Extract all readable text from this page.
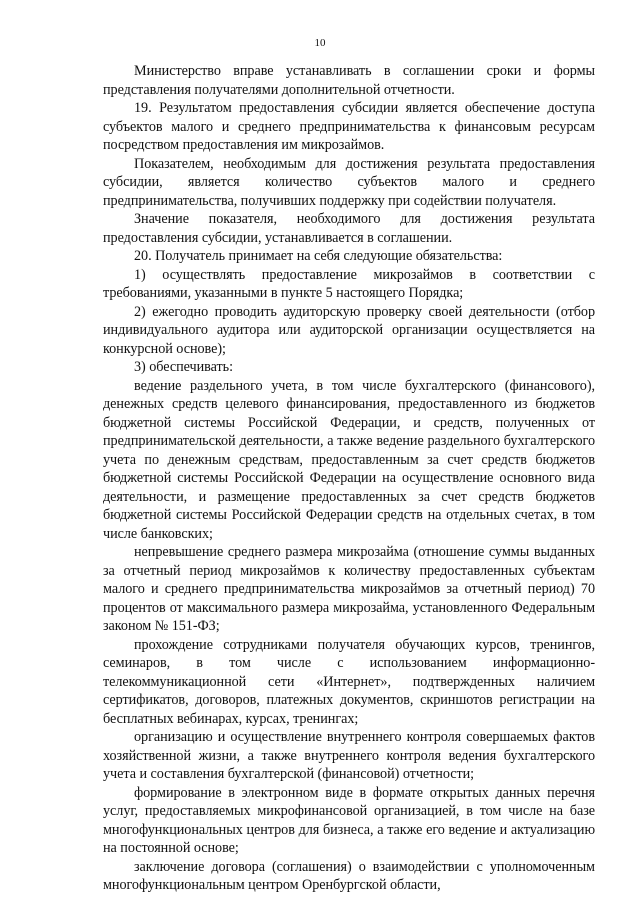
10

Министерство вправе устанавливать в соглашении сроки и формы представления получателями дополнительной отчетности.

19. Результатом предоставления субсидии является обеспечение доступа субъектов малого и среднего предпринимательства к финансовым ресурсам посредством предоставления им микрозаймов.

Показателем, необходимым для достижения результата предоставления субсидии, является количество субъектов малого и среднего предпринимательства, получивших поддержку при содействии получателя.

Значение показателя, необходимого для достижения результата предоставления субсидии, устанавливается в соглашении.

20. Получатель принимает на себя следующие обязательства:

1) осуществлять предоставление микрозаймов в соответствии с требованиями, указанными в пункте 5 настоящего Порядка;

2) ежегодно проводить аудиторскую проверку своей деятельности (отбор индивидуального аудитора или аудиторской организации осуществляется на конкурсной основе);

3) обеспечивать:

ведение раздельного учета, в том числе бухгалтерского (финансового), денежных средств целевого финансирования, предоставленного из бюджетов бюджетной системы Российской Федерации, и средств, полученных от предпринимательской деятельности, а также ведение раздельного бухгалтерского учета по денежным средствам, предоставленным за счет средств бюджетов бюджетной системы Российской Федерации на осуществление основного вида деятельности, и размещение предоставленных за счет средств бюджетов бюджетной системы Российской Федерации средств на отдельных счетах, в том числе банковских;

непревышение среднего размера микрозайма (отношение суммы выданных за отчетный период микрозаймов к количеству предоставленных субъектам малого и среднего предпринимательства микрозаймов за отчетный период) 70 процентов от максимального размера микрозайма, установленного Федеральным законом № 151-ФЗ;

прохождение сотрудниками получателя обучающих курсов, тренингов, семинаров, в том числе с использованием информационно-телекоммуникационной сети «Интернет», подтвержденных наличием сертификатов, договоров, платежных документов, скриншотов регистрации на бесплатных вебинарах, курсах, тренингах;

организацию и осуществление внутреннего контроля совершаемых фактов хозяйственной жизни, а также внутреннего контроля ведения бухгалтерского учета и составления бухгалтерской (финансовой) отчетности;

формирование в электронном виде в формате открытых данных перечня услуг, предоставляемых микрофинансовой организацией, в том числе на базе многофункциональных центров для бизнеса, а также его ведение и актуализацию на постоянной основе;

заключение договора (соглашения) о взаимодействии с уполномоченным многофункциональным центром Оренбургской области,
